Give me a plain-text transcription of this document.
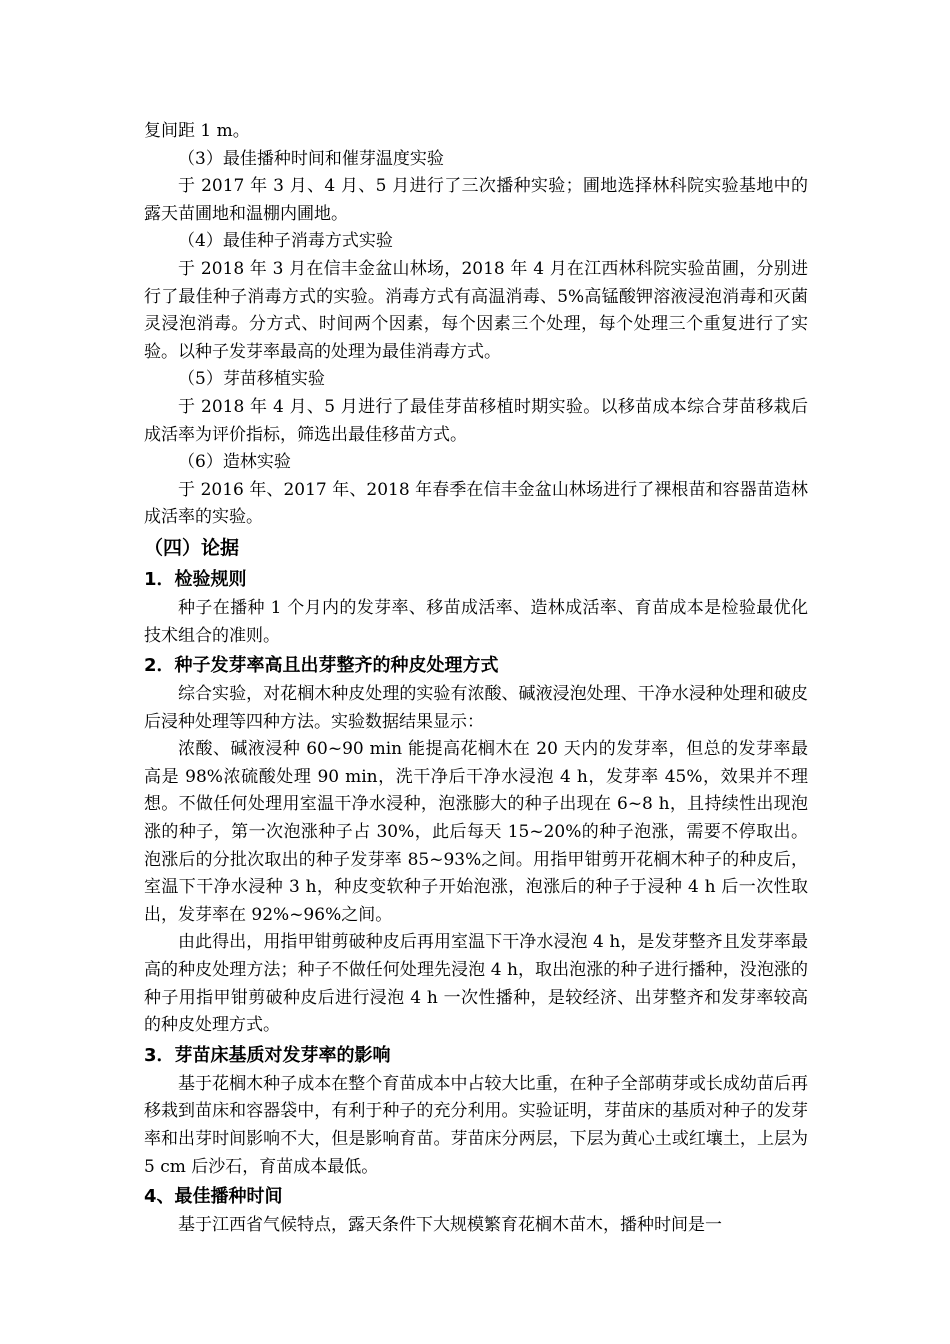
复间距 1 m。

（3）最佳播种时间和催芽温度实验

于 2017 年 3 月、4 月、5 月进行了三次播种实验；圃地选择林科院实验基地中的露天苗圃地和温棚内圃地。

（4）最佳种子消毒方式实验

于 2018 年 3 月在信丰金盆山林场，2018 年 4 月在江西林科院实验苗圃，分别进行了最佳种子消毒方式的实验。消毒方式有高温消毒、5%高锰酸钾溶液浸泡消毒和灭菌灵浸泡消毒。分方式、时间两个因素，每个因素三个处理，每个处理三个重复进行了实验。以种子发芽率最高的处理为最佳消毒方式。

（5）芽苗移植实验

于 2018 年 4 月、5 月进行了最佳芽苗移植时期实验。以移苗成本综合芽苗移栽后成活率为评价指标，筛选出最佳移苗方式。

（6）造林实验

于 2016 年、2017 年、2018 年春季在信丰金盆山林场进行了裸根苗和容器苗造林成活率的实验。

（四）论据
1．检验规则

种子在播种 1 个月内的发芽率、移苗成活率、造林成活率、育苗成本是检验最优化技术组合的准则。

2．种子发芽率高且出芽整齐的种皮处理方式

综合实验，对花榈木种皮处理的实验有浓酸、碱液浸泡处理、干净水浸种处理和破皮后浸种处理等四种方法。实验数据结果显示：

浓酸、碱液浸种 60~90 min 能提高花榈木在 20 天内的发芽率，但总的发芽率最高是 98%浓硫酸处理 90 min，洗干净后干净水浸泡 4 h，发芽率 45%，效果并不理想。不做任何处理用室温干净水浸种，泡涨膨大的种子出现在 6~8 h，且持续性出现泡涨的种子，第一次泡涨种子占 30%，此后每天 15~20%的种子泡涨，需要不停取出。泡涨后的分批次取出的种子发芽率 85~93%之间。用指甲钳剪开花榈木种子的种皮后，室温下干净水浸种 3 h，种皮变软种子开始泡涨，泡涨后的种子于浸种 4 h 后一次性取出，发芽率在 92%~96%之间。

由此得出，用指甲钳剪破种皮后再用室温下干净水浸泡 4 h，是发芽整齐且发芽率最高的种皮处理方法；种子不做任何处理先浸泡 4 h，取出泡涨的种子进行播种，没泡涨的种子用指甲钳剪破种皮后进行浸泡 4 h 一次性播种，是较经济、出芽整齐和发芽率较高的种皮处理方式。

3．芽苗床基质对发芽率的影响

基于花榈木种子成本在整个育苗成本中占较大比重，在种子全部萌芽或长成幼苗后再移栽到苗床和容器袋中，有利于种子的充分利用。实验证明，芽苗床的基质对种子的发芽率和出芽时间影响不大，但是影响育苗。芽苗床分两层，下层为黄心土或红壤土，上层为 5 cm 后沙石，育苗成本最低。

4、最佳播种时间

基于江西省气候特点，露天条件下大规模繁育花榈木苗木，播种时间是一
